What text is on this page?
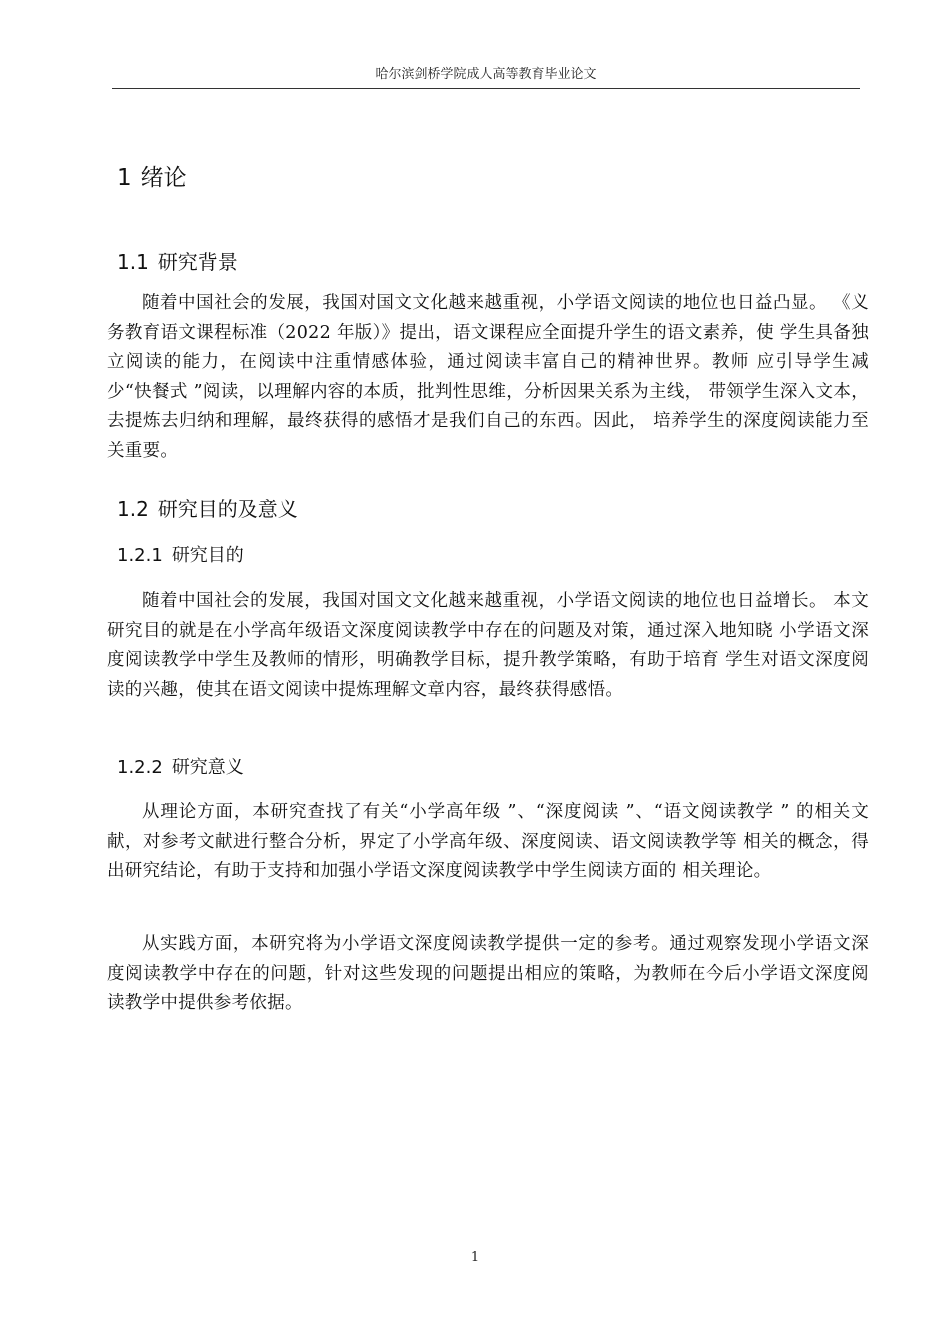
哈尔滨剑桥学院成人高等教育毕业论文
1 绪论
1.1 研究背景

随着中国社会的发展，我国对国文文化越来越重视，小学语文阅读的地位也日益凸显。 《义务教育语文课程标准（2022 年版）》提出，语文课程应全面提升学生的语文素养，使 学生具备独立阅读的能力，在阅读中注重情感体验，通过阅读丰富自己的精神世界。教师 应引导学生减少“快餐式 ”阅读，以理解内容的本质，批判性思维，分析因果关系为主线， 带领学生深入文本，去提炼去归纳和理解，最终获得的感悟才是我们自己的东西。因此， 培养学生的深度阅读能力至关重要。

1.2 研究目的及意义
1.2.1 研究目的

随着中国社会的发展，我国对国文文化越来越重视，小学语文阅读的地位也日益增长。 本文研究目的就是在小学高年级语文深度阅读教学中存在的问题及对策，通过深入地知晓 小学语文深度阅读教学中学生及教师的情形，明确教学目标，提升教学策略，有助于培育 学生对语文深度阅读的兴趣，使其在语文阅读中提炼理解文章内容，最终获得感悟。

1.2.2 研究意义

从理论方面，本研究查找了有关“小学高年级 ”、“深度阅读 ”、“语文阅读教学 ” 的相关文献，对参考文献进行整合分析，界定了小学高年级、深度阅读、语文阅读教学等 相关的概念，得出研究结论，有助于支持和加强小学语文深度阅读教学中学生阅读方面的 相关理论。

从实践方面，本研究将为小学语文深度阅读教学提供一定的参考。通过观察发现小学语文深度阅读教学中存在的问题，针对这些发现的问题提出相应的策略，为教师在今后小学语文深度阅读教学中提供参考依据。

1
